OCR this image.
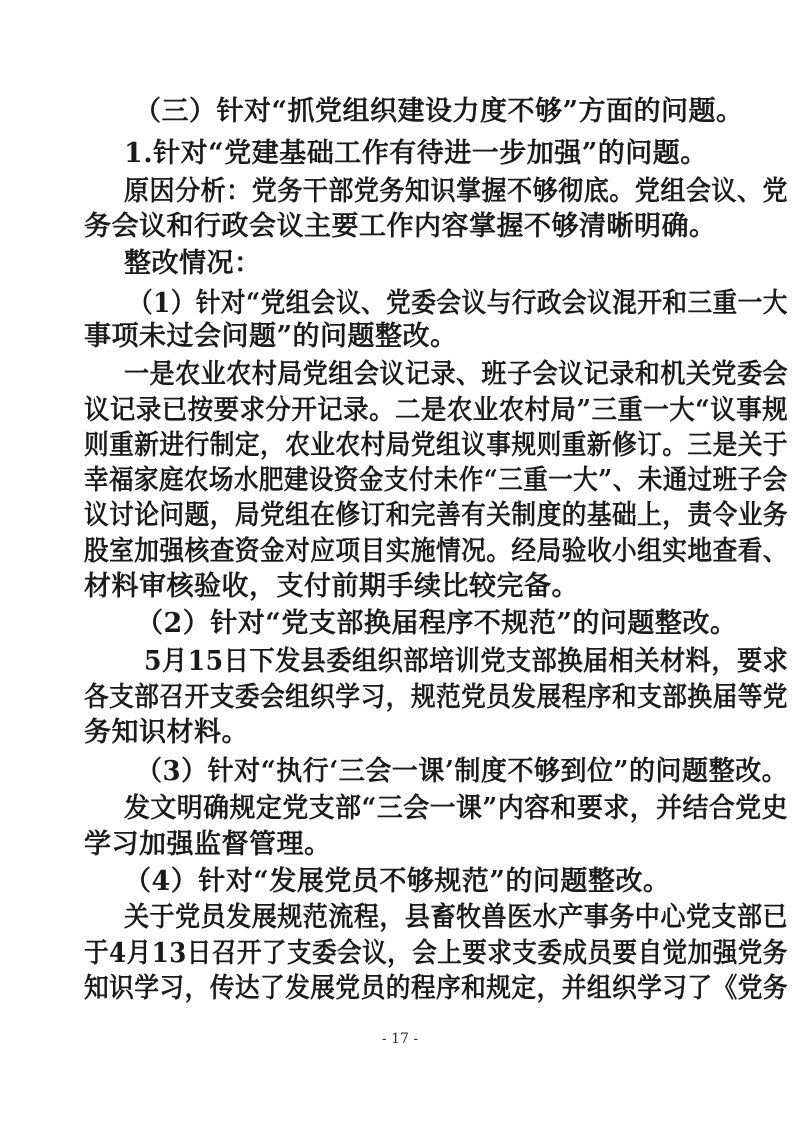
（三）针对“抓党组织建设力度不够”方面的问题。
1.针对“党建基础工作有待进一步加强”的问题。
原因分析：党务干部党务知识掌握不够彻底。党组会议、党
务会议和行政会议主要工作内容掌握不够清晰明确。
整改情况：
（1）针对“党组会议、党委会议与行政会议混开和三重一大
事项未过会问题”的问题整改。
一是农业农村局党组会议记录、班子会议记录和机关党委会
议记录已按要求分开记录。二是农业农村局”三重一大“议事规
则重新进行制定，农业农村局党组议事规则重新修订。三是关于
幸福家庭农场水肥建设资金支付未作“三重一大”、未通过班子会
议讨论问题，局党组在修订和完善有关制度的基础上，责令业务
股室加强核查资金对应项目实施情况。经局验收小组实地查看、
材料审核验收，支付前期手续比较完备。
（2）针对“党支部换届程序不规范”的问题整改。
5月15日下发县委组织部培训党支部换届相关材料，要求
各支部召开支委会组织学习，规范党员发展程序和支部换届等党
务知识材料。
（3）针对“执行‘三会一课’制度不够到位”的问题整改。
发文明确规定党支部“三会一课”内容和要求，并结合党史
学习加强监督管理。
（4）针对“发展党员不够规范”的问题整改。
关于党员发展规范流程，县畜牧兽医水产事务中心党支部已
于4月13日召开了支委会议，会上要求支委成员要自觉加强党务
知识学习，传达了发展党员的程序和规定，并组织学习了《党务
- 17 -
